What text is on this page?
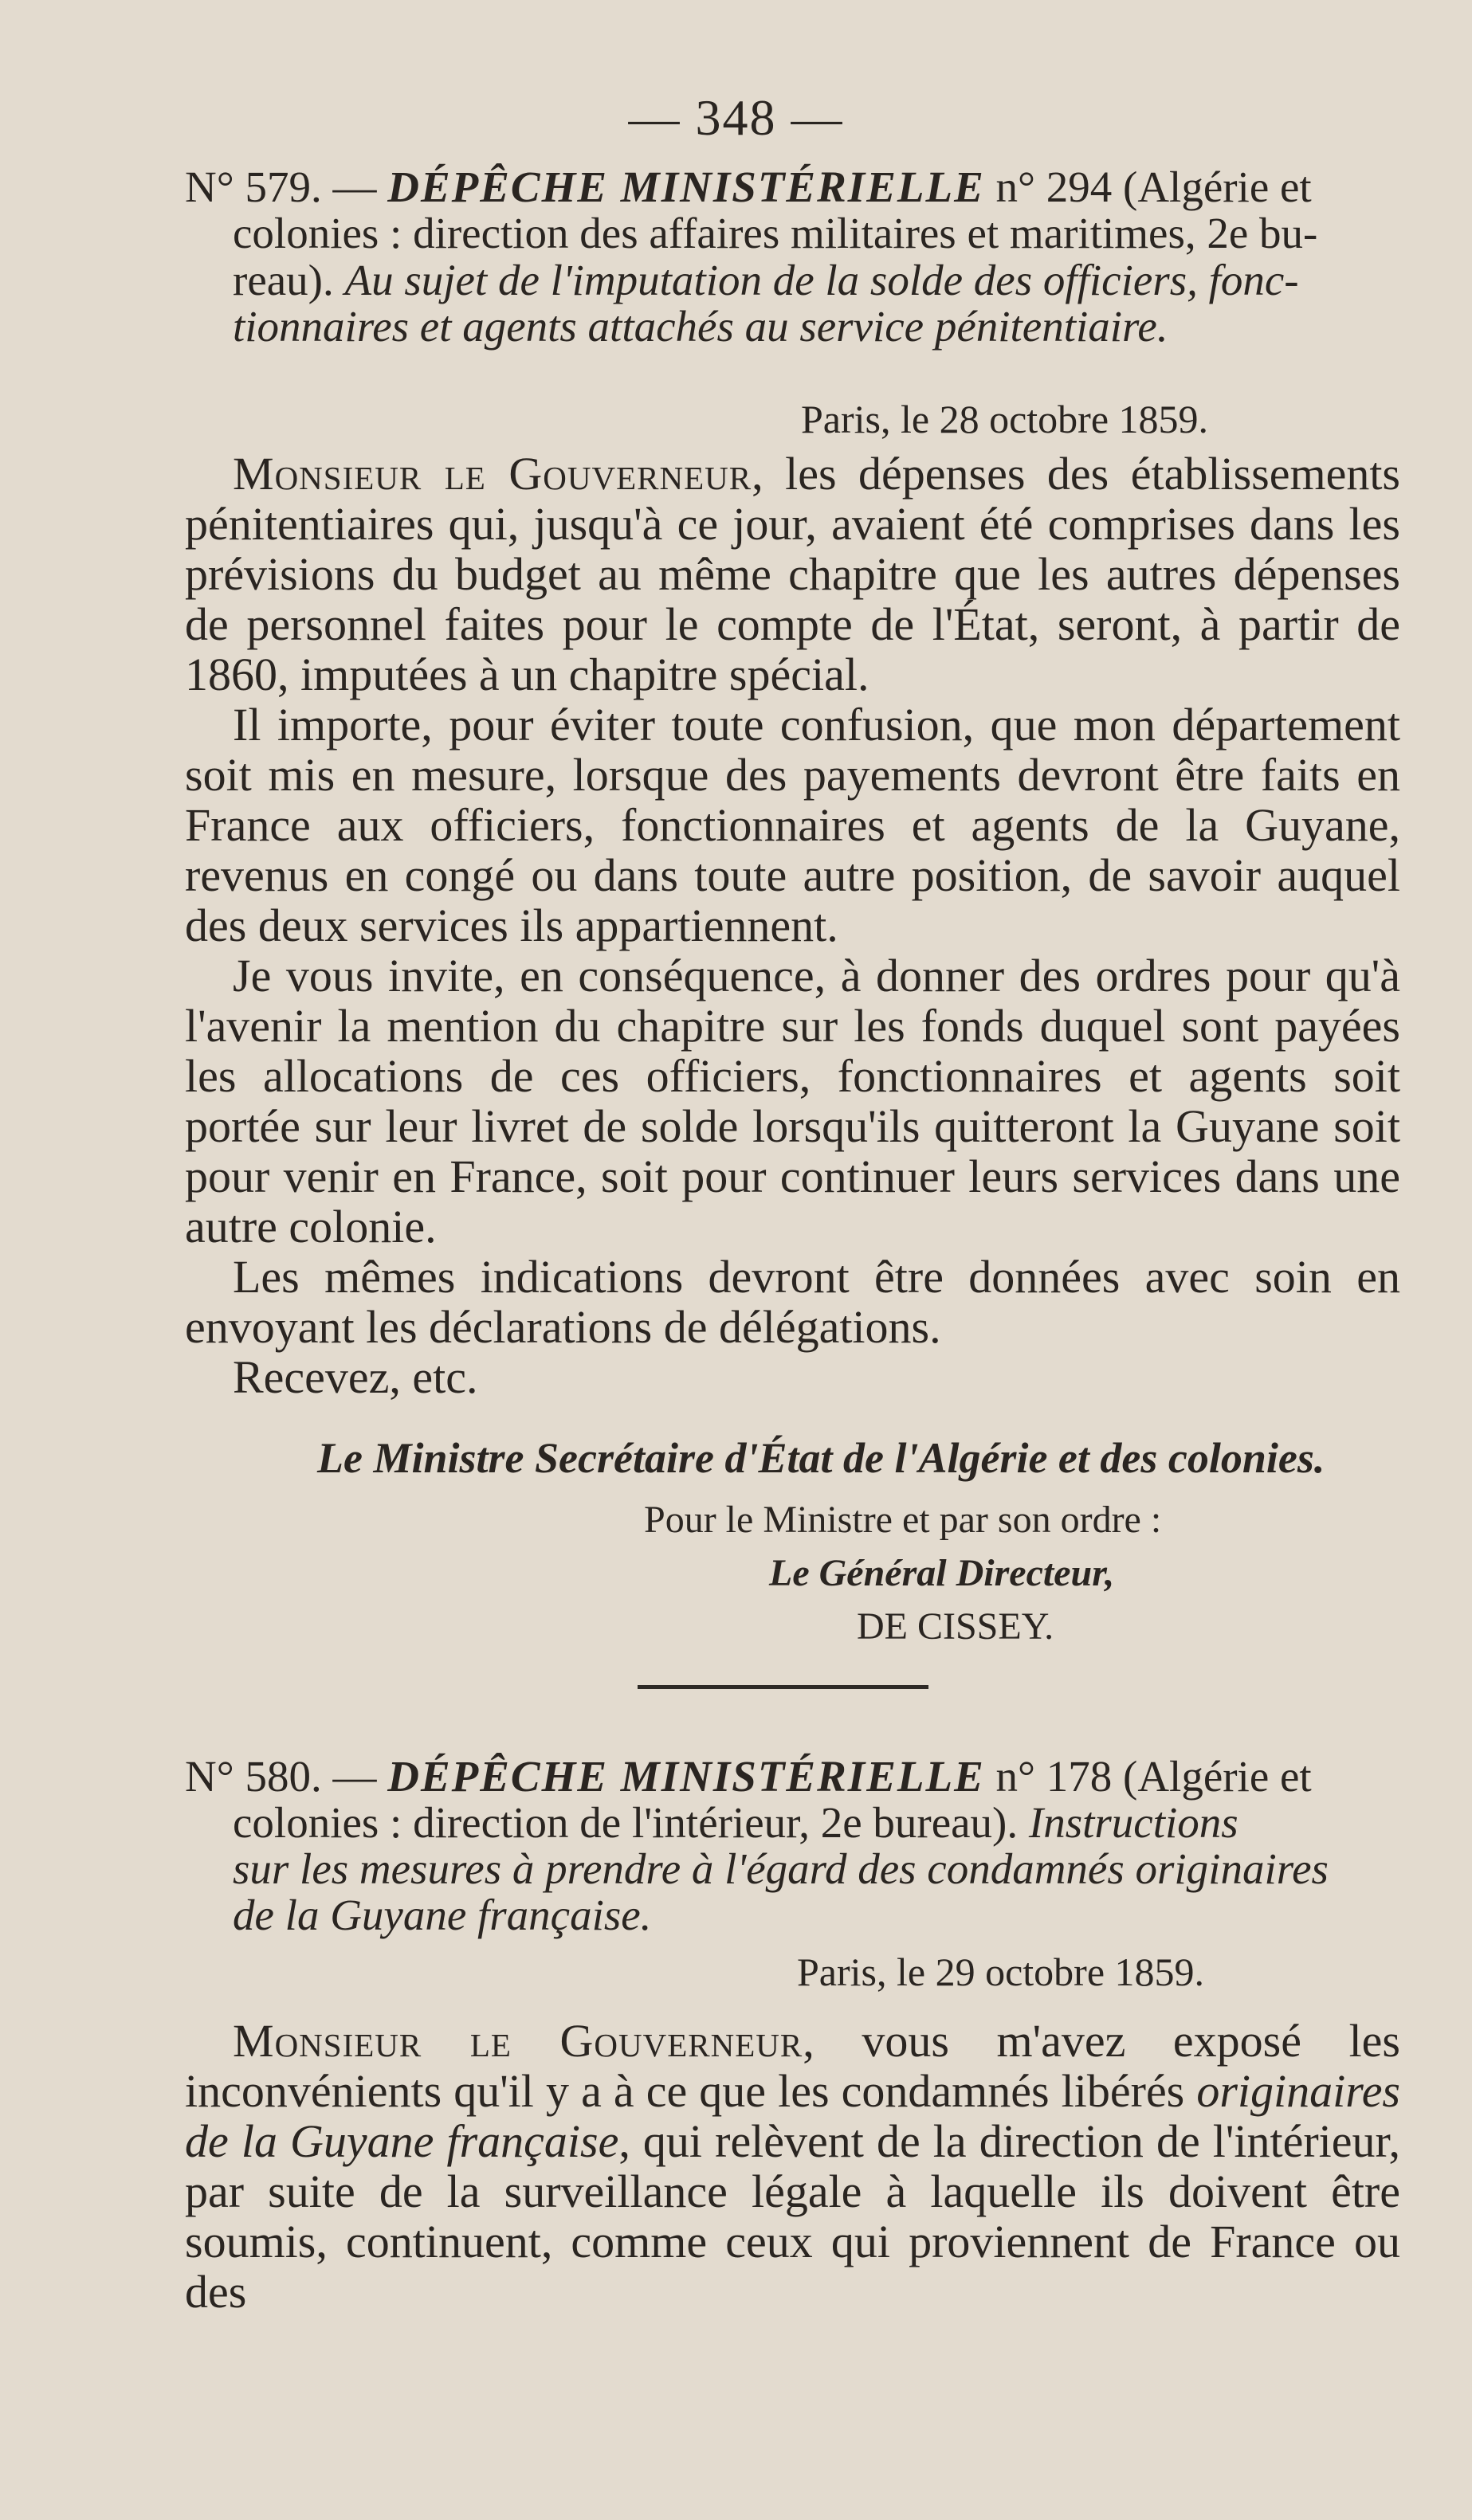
— 348 —
N° 579. — DÉPÊCHE MINISTÉRIELLE n° 294 (Algérie et
colonies : direction des affaires militaires et maritimes, 2e bu-
reau). Au sujet de l'imputation de la solde des officiers, fonc-
tionnaires et agents attachés au service pénitentiaire.
Paris, le 28 octobre 1859.

Monsieur le Gouverneur, les dépenses des établissements pénitentiaires qui, jusqu'à ce jour, avaient été comprises dans les prévisions du budget au même chapitre que les autres dépenses de personnel faites pour le compte de l'État, seront, à partir de 1860, imputées à un chapitre spécial.

Il importe, pour éviter toute confusion, que mon département soit mis en mesure, lorsque des payements devront être faits en France aux officiers, fonctionnaires et agents de la Guyane, revenus en congé ou dans toute autre position, de savoir auquel des deux services ils appartiennent.

Je vous invite, en conséquence, à donner des ordres pour qu'à l'avenir la mention du chapitre sur les fonds duquel sont payées les allocations de ces officiers, fonctionnaires et agents soit portée sur leur livret de solde lorsqu'ils quitteront la Guyane soit pour venir en France, soit pour continuer leurs services dans une autre colonie.

Les mêmes indications devront être données avec soin en envoyant les déclarations de délégations.

Recevez, etc.

Le Ministre Secrétaire d'État de l'Algérie et des colonies.
Pour le Ministre et par son ordre :
Le Général Directeur,
DE CISSEY.
N° 580. — DÉPÊCHE MINISTÉRIELLE n° 178 (Algérie et
colonies : direction de l'intérieur, 2e bureau). Instructions
sur les mesures à prendre à l'égard des condamnés originaires
de la Guyane française.
Paris, le 29 octobre 1859.

Monsieur le Gouverneur, vous m'avez exposé les inconvénients qu'il y a à ce que les condamnés libérés originaires de la Guyane française, qui relèvent de la direction de l'intérieur, par suite de la surveillance légale à laquelle ils doivent être soumis, continuent, comme ceux qui proviennent de France ou des
